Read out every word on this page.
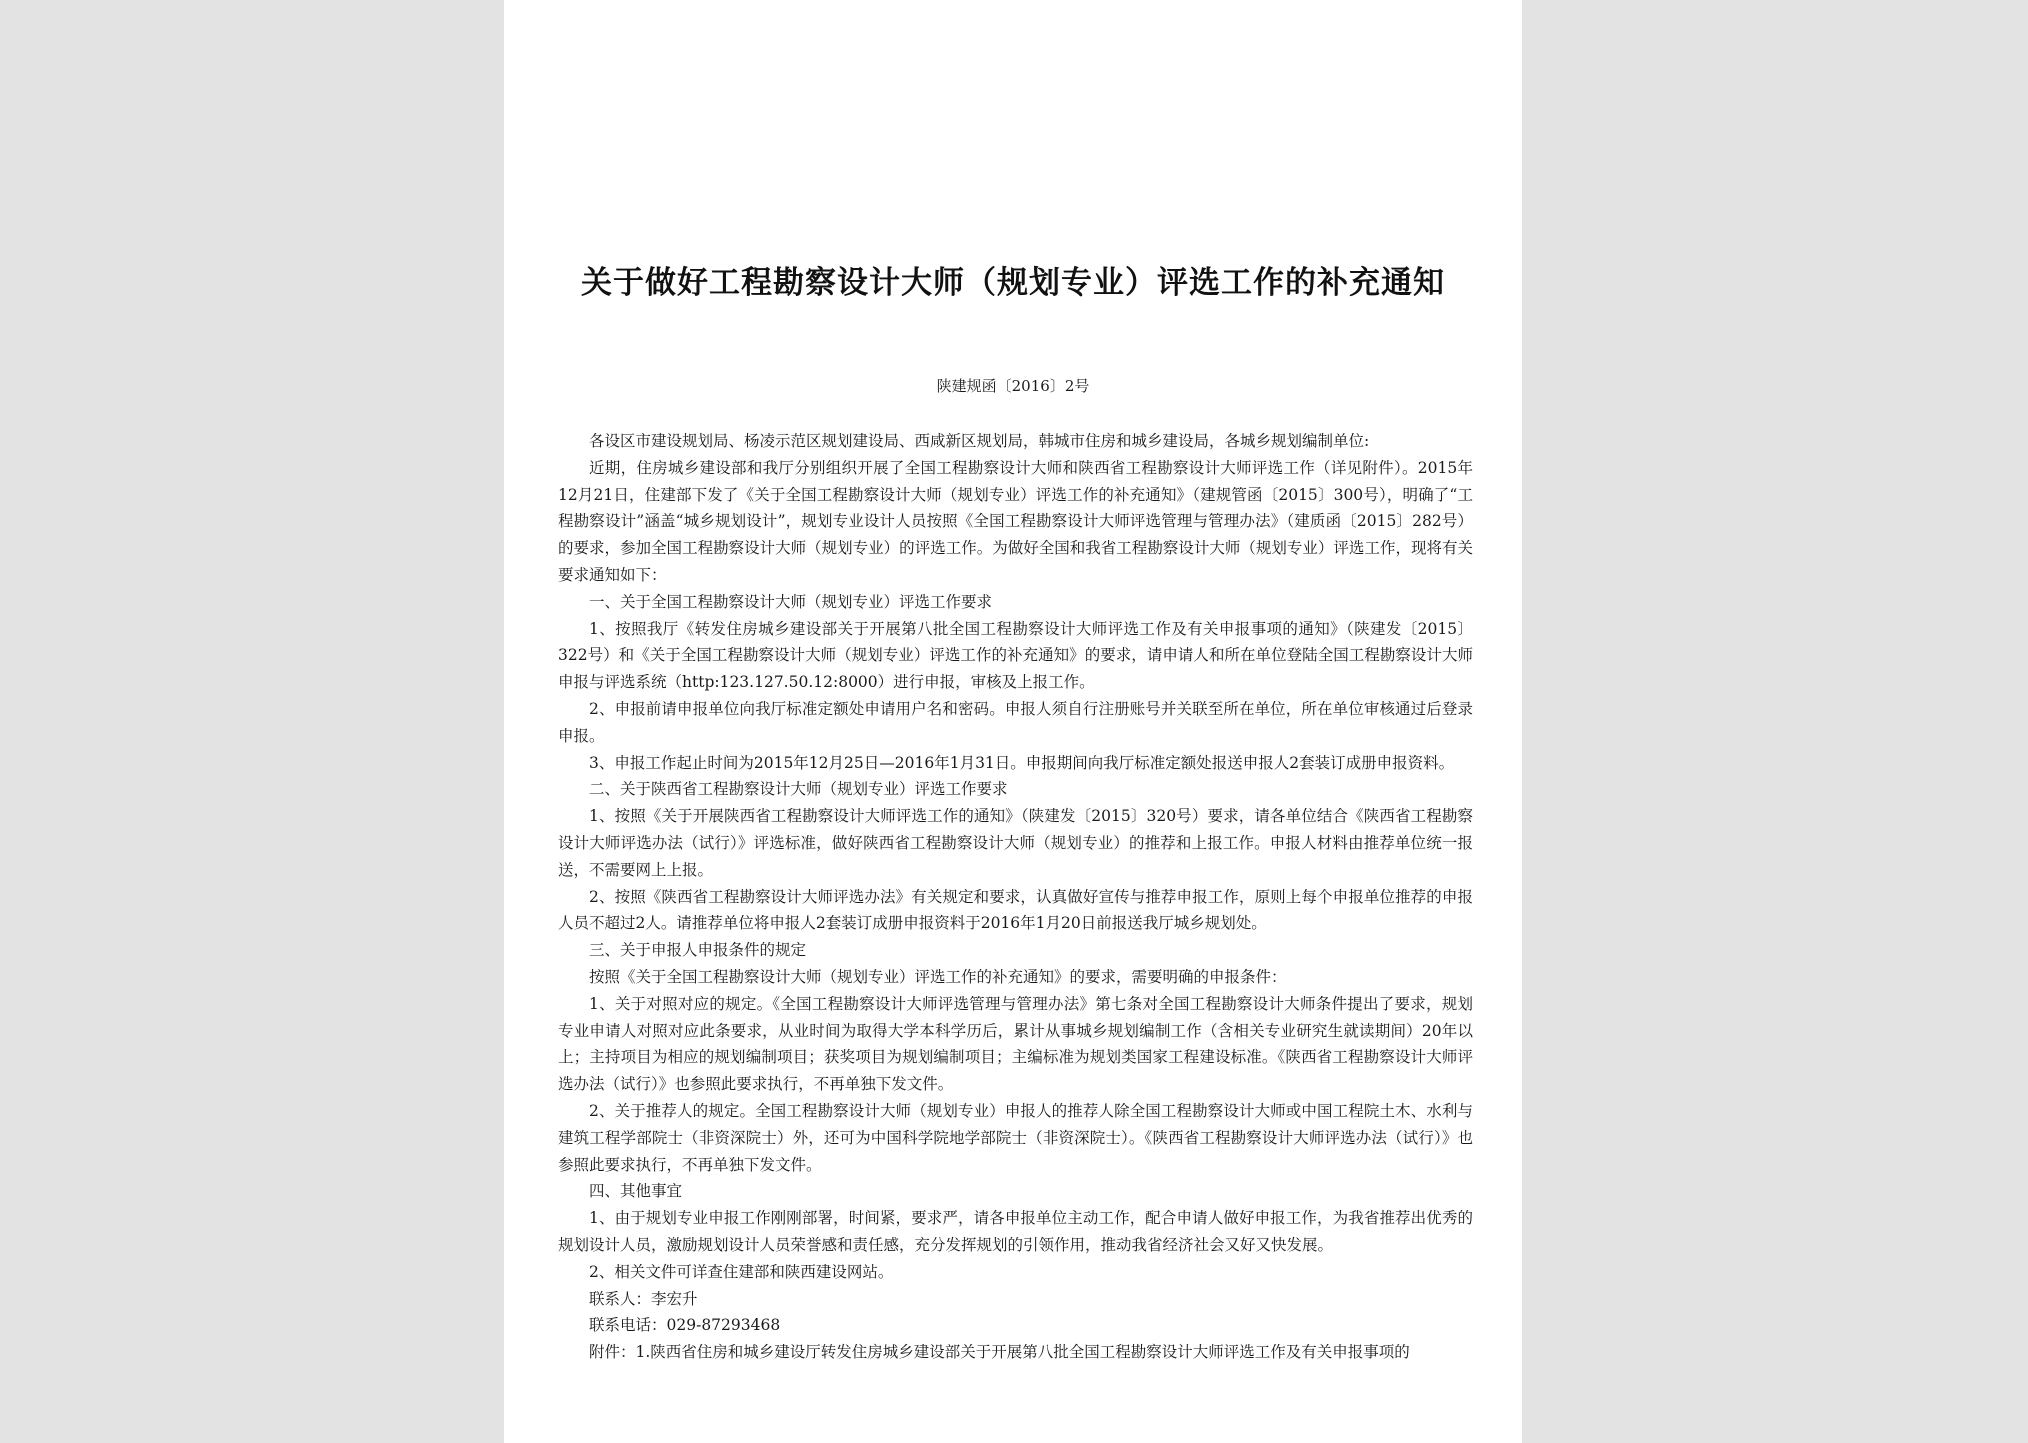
关于做好工程勘察设计大师（规划专业）评选工作的补充通知
陕建规函〔2016〕2号

各设区市建设规划局、杨凌示范区规划建设局、西咸新区规划局，韩城市住房和城乡建设局，各城乡规划编制单位:

近期，住房城乡建设部和我厅分别组织开展了全国工程勘察设计大师和陕西省工程勘察设计大师评选工作（详见附件）。2015年12月21日，住建部下发了《关于全国工程勘察设计大师（规划专业）评选工作的补充通知》（建规管函〔2015〕300号），明确了“工程勘察设计”涵盖“城乡规划设计”，规划专业设计人员按照《全国工程勘察设计大师评选管理与管理办法》（建质函〔2015〕282号）的要求，参加全国工程勘察设计大师（规划专业）的评选工作。为做好全国和我省工程勘察设计大师（规划专业）评选工作，现将有关要求通知如下：

一、关于全国工程勘察设计大师（规划专业）评选工作要求

1、按照我厅《转发住房城乡建设部关于开展第八批全国工程勘察设计大师评选工作及有关申报事项的通知》（陕建发〔2015〕322号）和《关于全国工程勘察设计大师（规划专业）评选工作的补充通知》的要求，请申请人和所在单位登陆全国工程勘察设计大师申报与评选系统（http:123.127.50.12:8000）进行申报，审核及上报工作。

2、申报前请申报单位向我厅标准定额处申请用户名和密码。申报人须自行注册账号并关联至所在单位，所在单位审核通过后登录申报。

3、申报工作起止时间为2015年12月25日—2016年1月31日。申报期间向我厅标准定额处报送申报人2套装订成册申报资料。

二、关于陕西省工程勘察设计大师（规划专业）评选工作要求

1、按照《关于开展陕西省工程勘察设计大师评选工作的通知》（陕建发〔2015〕320号）要求，请各单位结合《陕西省工程勘察设计大师评选办法（试行）》评选标准，做好陕西省工程勘察设计大师（规划专业）的推荐和上报工作。申报人材料由推荐单位统一报送，不需要网上上报。

2、按照《陕西省工程勘察设计大师评选办法》有关规定和要求，认真做好宣传与推荐申报工作，原则上每个申报单位推荐的申报人员不超过2人。请推荐单位将申报人2套装订成册申报资料于2016年1月20日前报送我厅城乡规划处。

三、关于申报人申报条件的规定

按照《关于全国工程勘察设计大师（规划专业）评选工作的补充通知》的要求，需要明确的申报条件：

1、关于对照对应的规定。《全国工程勘察设计大师评选管理与管理办法》第七条对全国工程勘察设计大师条件提出了要求，规划专业申请人对照对应此条要求，从业时间为取得大学本科学历后，累计从事城乡规划编制工作（含相关专业研究生就读期间）20年以上；主持项目为相应的规划编制项目；获奖项目为规划编制项目；主编标准为规划类国家工程建设标准。《陕西省工程勘察设计大师评选办法（试行）》也参照此要求执行，不再单独下发文件。

2、关于推荐人的规定。全国工程勘察设计大师（规划专业）申报人的推荐人除全国工程勘察设计大师或中国工程院土木、水利与建筑工程学部院士（非资深院士）外，还可为中国科学院地学部院士（非资深院士）。《陕西省工程勘察设计大师评选办法（试行）》也参照此要求执行，不再单独下发文件。

四、其他事宜

1、由于规划专业申报工作刚刚部署，时间紧，要求严，请各申报单位主动工作，配合申请人做好申报工作，为我省推荐出优秀的规划设计人员，激励规划设计人员荣誉感和责任感，充分发挥规划的引领作用，推动我省经济社会又好又快发展。

2、相关文件可详查住建部和陕西建设网站。

联系人：李宏升

联系电话：029-87293468

附件：1.陕西省住房和城乡建设厅转发住房城乡建设部关于开展第八批全国工程勘察设计大师评选工作及有关申报事项的
